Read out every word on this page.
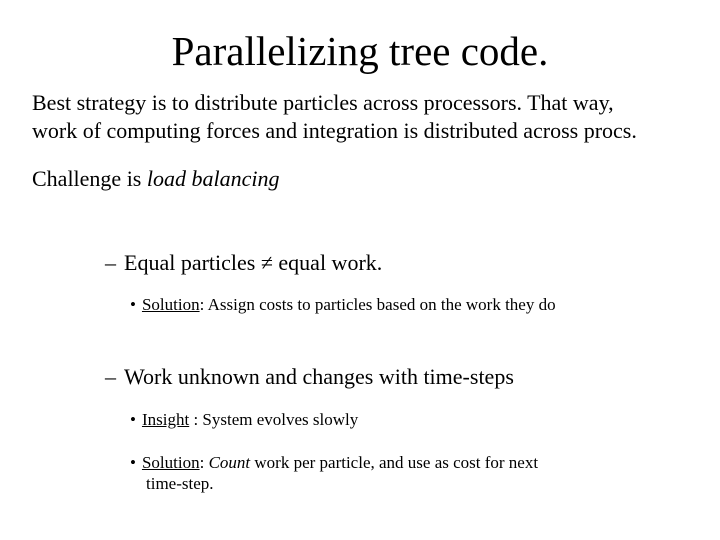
Parallelizing tree code.
Best strategy is to distribute particles across processors. That way,
work of computing forces and integration is distributed across procs.
Challenge is load balancing
– Equal particles ≠ equal work.
• Solution: Assign costs to particles based on the work they do
– Work unknown and changes with time-steps
• Insight : System evolves slowly
• Solution: Count work per particle, and use as cost for next
time-step.
